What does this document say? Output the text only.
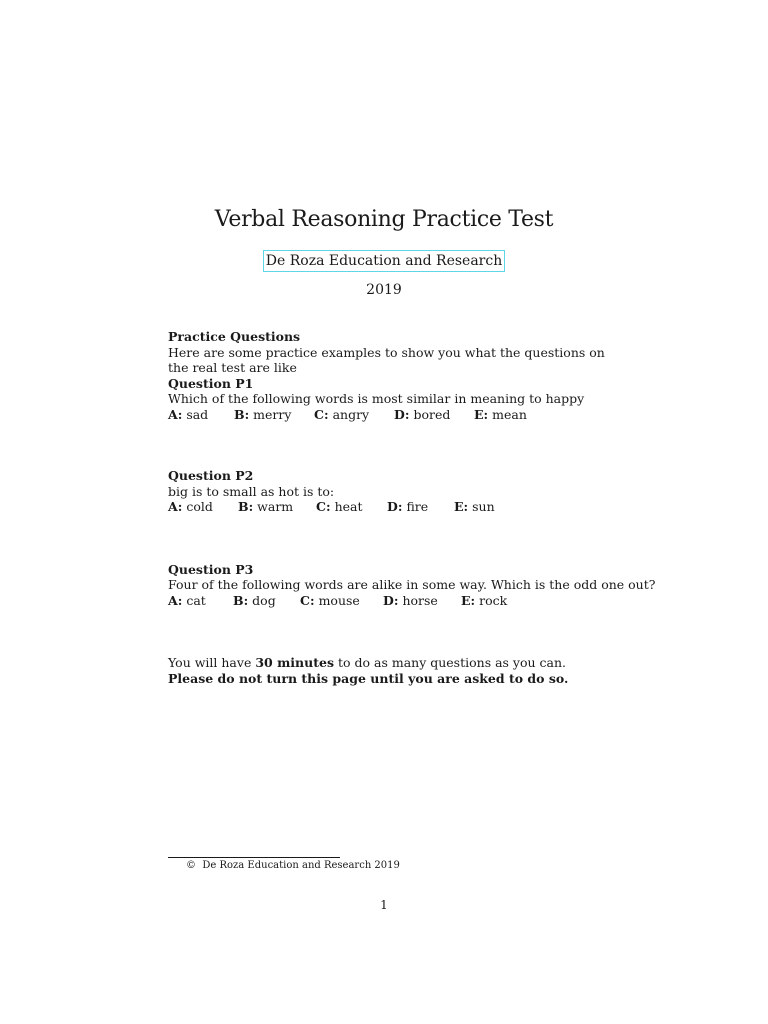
Verbal Reasoning Practice Test
De Roza Education and Research
2019
Practice Questions
Here are some practice examples to show you what the questions on the real test are like
Question P1
Which of the following words is most similar in meaning to happy
A: sad B: merry C: angry D: bored E: mean
Question P2
big is to small as hot is to:
A: cold B: warm C: heat D: fire E: sun
Question P3
Four of the following words are alike in some way. Which is the odd one out?
A: cat B: dog C: mouse D: horse E: rock
You will have 30 minutes to do as many questions as you can.
Please do not turn this page until you are asked to do so.
© De Roza Education and Research 2019
1
